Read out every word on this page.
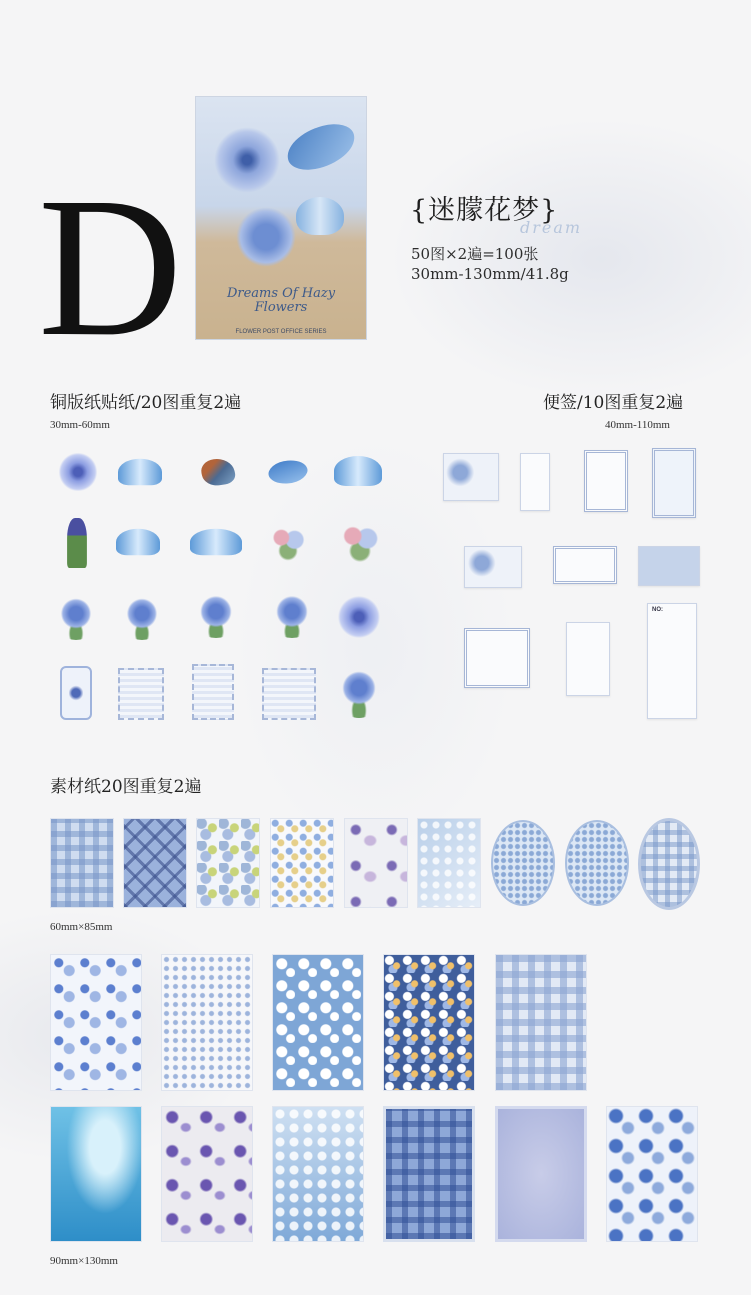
D	Dreams Of Hazy Flowers
FLOWER POST OFFICE SERIES
{迷朦花梦}
dream
50图×2遍=100张
30mm-130mm/41.8g
铜版纸贴纸/20图重复2遍
30mm-60mm
便签/10图重复2遍
40mm-110mm
NO:
素材纸20图重复2遍
60mm×85mm
90mm×130mm
